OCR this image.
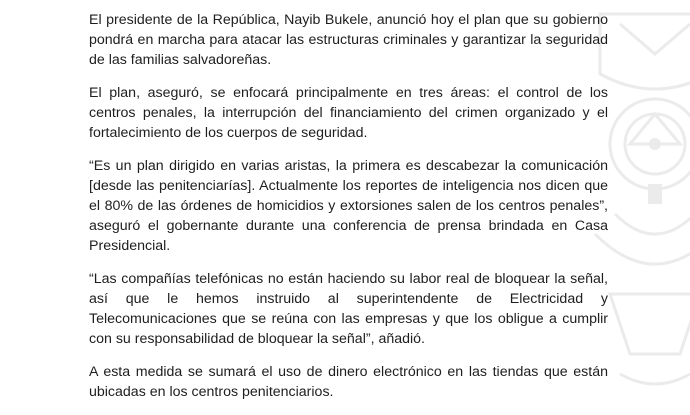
El presidente de la República, Nayib Bukele, anunció hoy el plan que su gobierno pondrá en marcha para atacar las estructuras criminales y garantizar la seguridad de las familias salvadoreñas.

El plan, aseguró, se enfocará principalmente en tres áreas: el control de los centros penales, la interrupción del financiamiento del crimen organizado y el fortalecimiento de los cuerpos de seguridad.

“Es un plan dirigido en varias aristas, la primera es descabezar la comunicación [desde las penitenciarías]. Actualmente los reportes de inteligencia nos dicen que el 80% de las órdenes de homicidios y extorsiones salen de los centros penales”, aseguró el gobernante durante una conferencia de prensa brindada en Casa Presidencial.

“Las compañías telefónicas no están haciendo su labor real de bloquear la señal, así que le hemos instruido al superintendente de Electricidad y Telecomunicaciones que se reúna con las empresas y que los obligue a cumplir con su responsabilidad de bloquear la señal”, añadió.

A esta medida se sumará el uso de dinero electrónico en las tiendas que están ubicadas en los centros penitenciarios.
